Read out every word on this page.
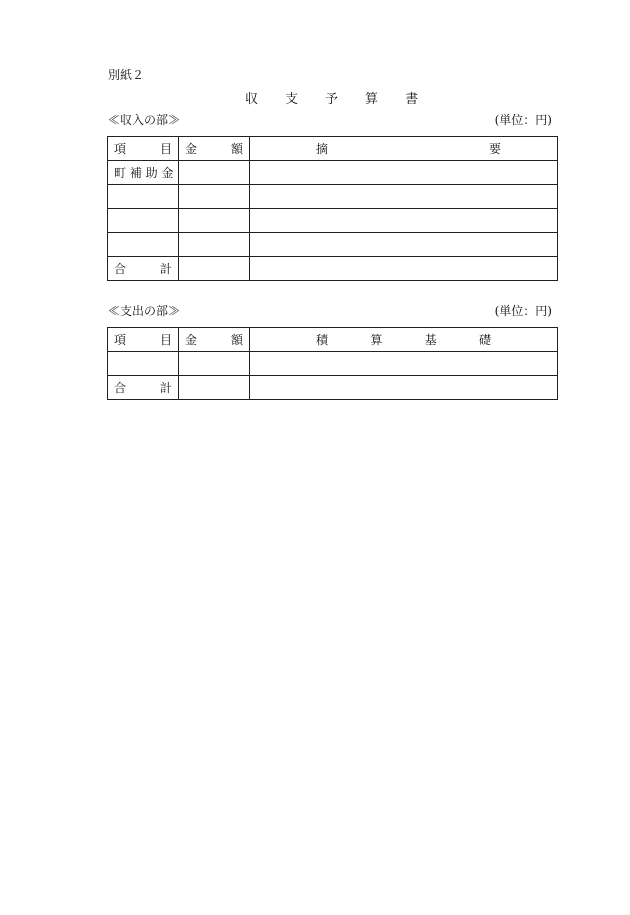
別紙２
収 支 予 算 書
≪収入の部≫	(単位：円)
項 目	金 額	摘 要

町 補 助 金		

合 計		

≪支出の部≫	(単位：円)
項 目	金 額	積 算 基 礎

合 計		
